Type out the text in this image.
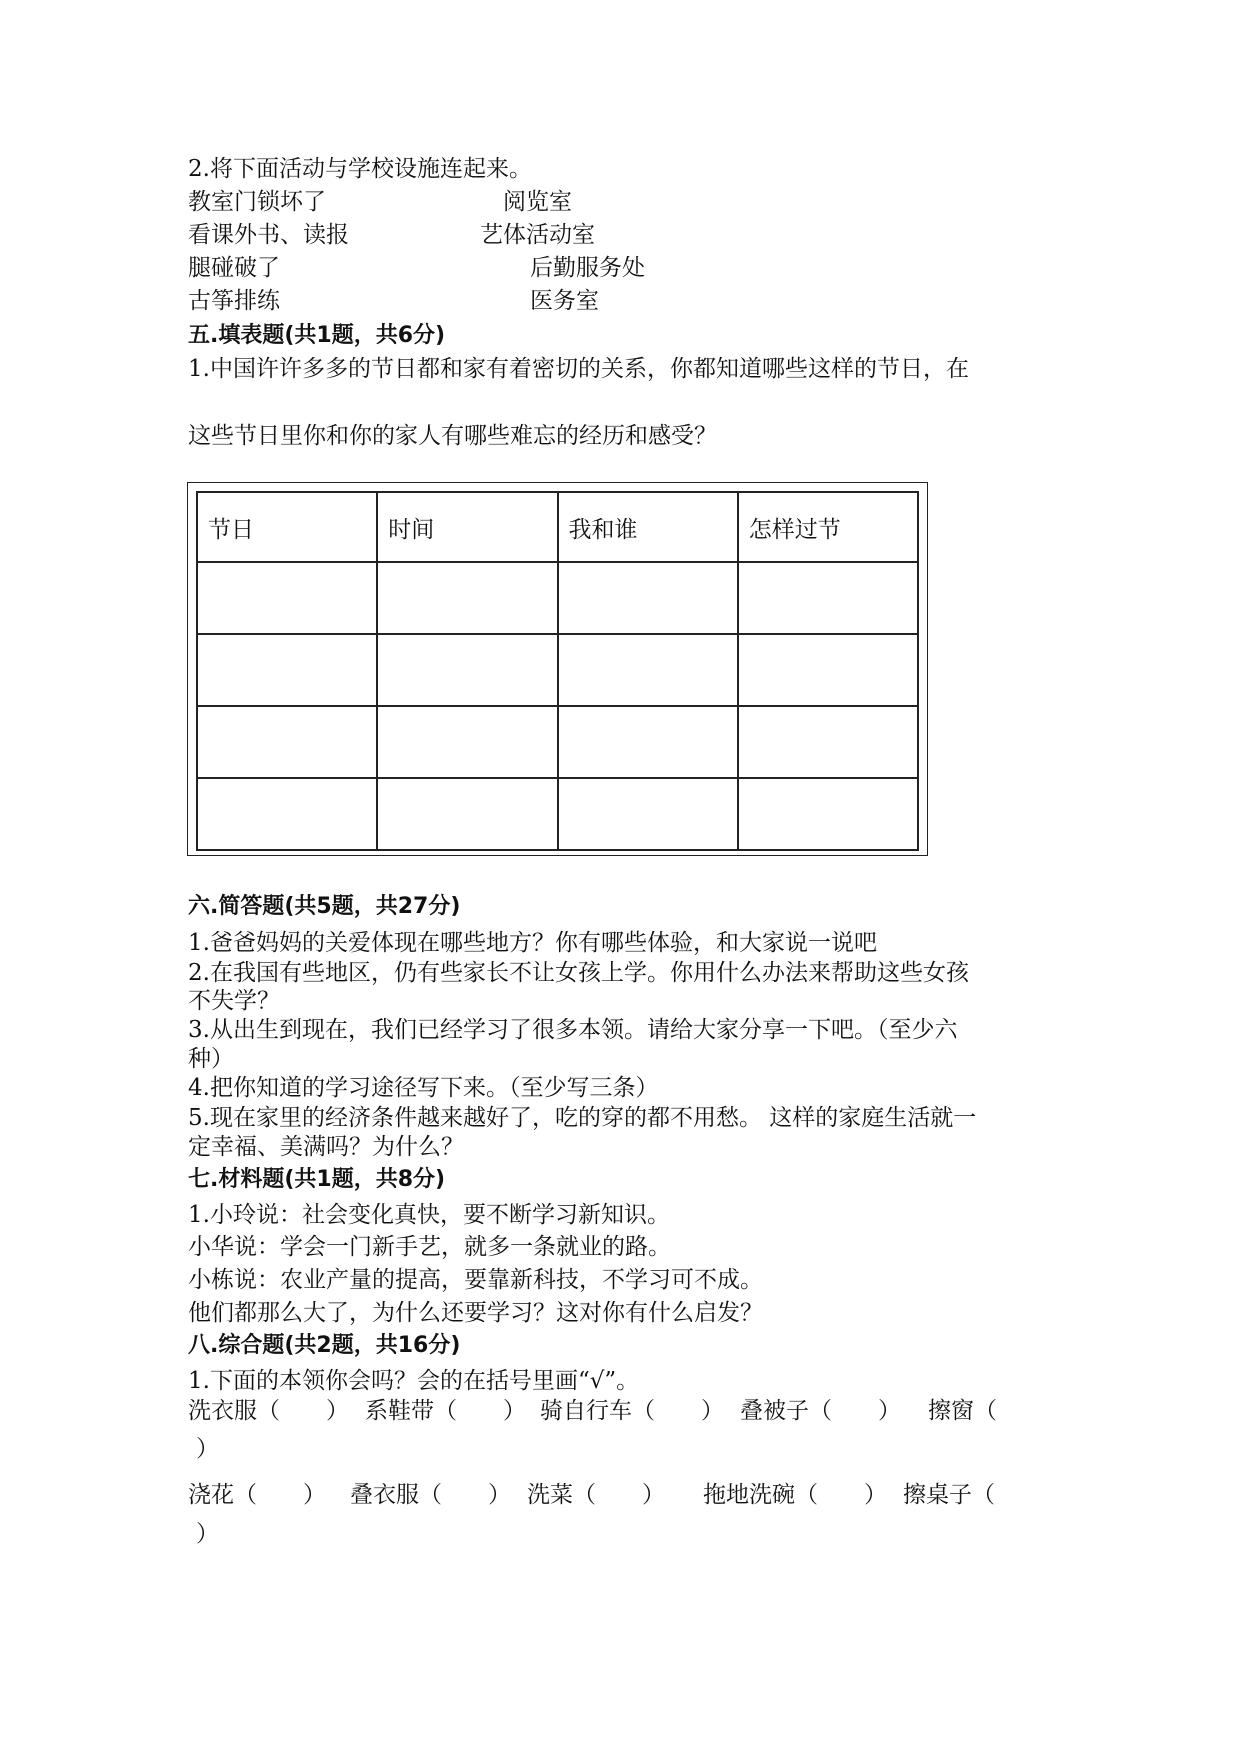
2.将下面活动与学校设施连起来。
教室门锁坏了	阅览室
看课外书、读报	艺体活动室
腿碰破了	后勤服务处
古筝排练	医务室
五.填表题(共1题，共6分)
1.中国许许多多的节日都和家有着密切的关系，你都知道哪些这样的节日，在
这些节日里你和你的家人有哪些难忘的经历和感受？
节日	时间	我和谁	怎样过节

六.简答题(共5题，共27分)
1.爸爸妈妈的关爱体现在哪些地方？你有哪些体验，和大家说一说吧
2.在我国有些地区，仍有些家长不让女孩上学。你用什么办法来帮助这些女孩
不失学？
3.从出生到现在，我们已经学习了很多本领。请给大家分享一下吧。（至少六
种）
4.把你知道的学习途径写下来。（至少写三条）
5.现在家里的经济条件越来越好了，吃的穿的都不用愁。 这样的家庭生活就一
定幸福、美满吗？为什么？
七.材料题(共1题，共8分)
1.小玲说：社会变化真快，要不断学习新知识。
小华说：学会一门新手艺，就多一条就业的路。
小栋说：农业产量的提高，要靠新科技，不学习可不成。
他们都那么大了，为什么还要学习？这对你有什么启发？
八.综合题(共2题，共16分)
1.下面的本领你会吗？会的在括号里画“√”。
洗衣服（　　） 系鞋带（　　） 骑自行车（　　） 叠被子（　　） 擦窗（
）
浇花（　　） 叠衣服（　　） 洗菜（　　） 拖地洗碗（　　） 擦桌子（
）
